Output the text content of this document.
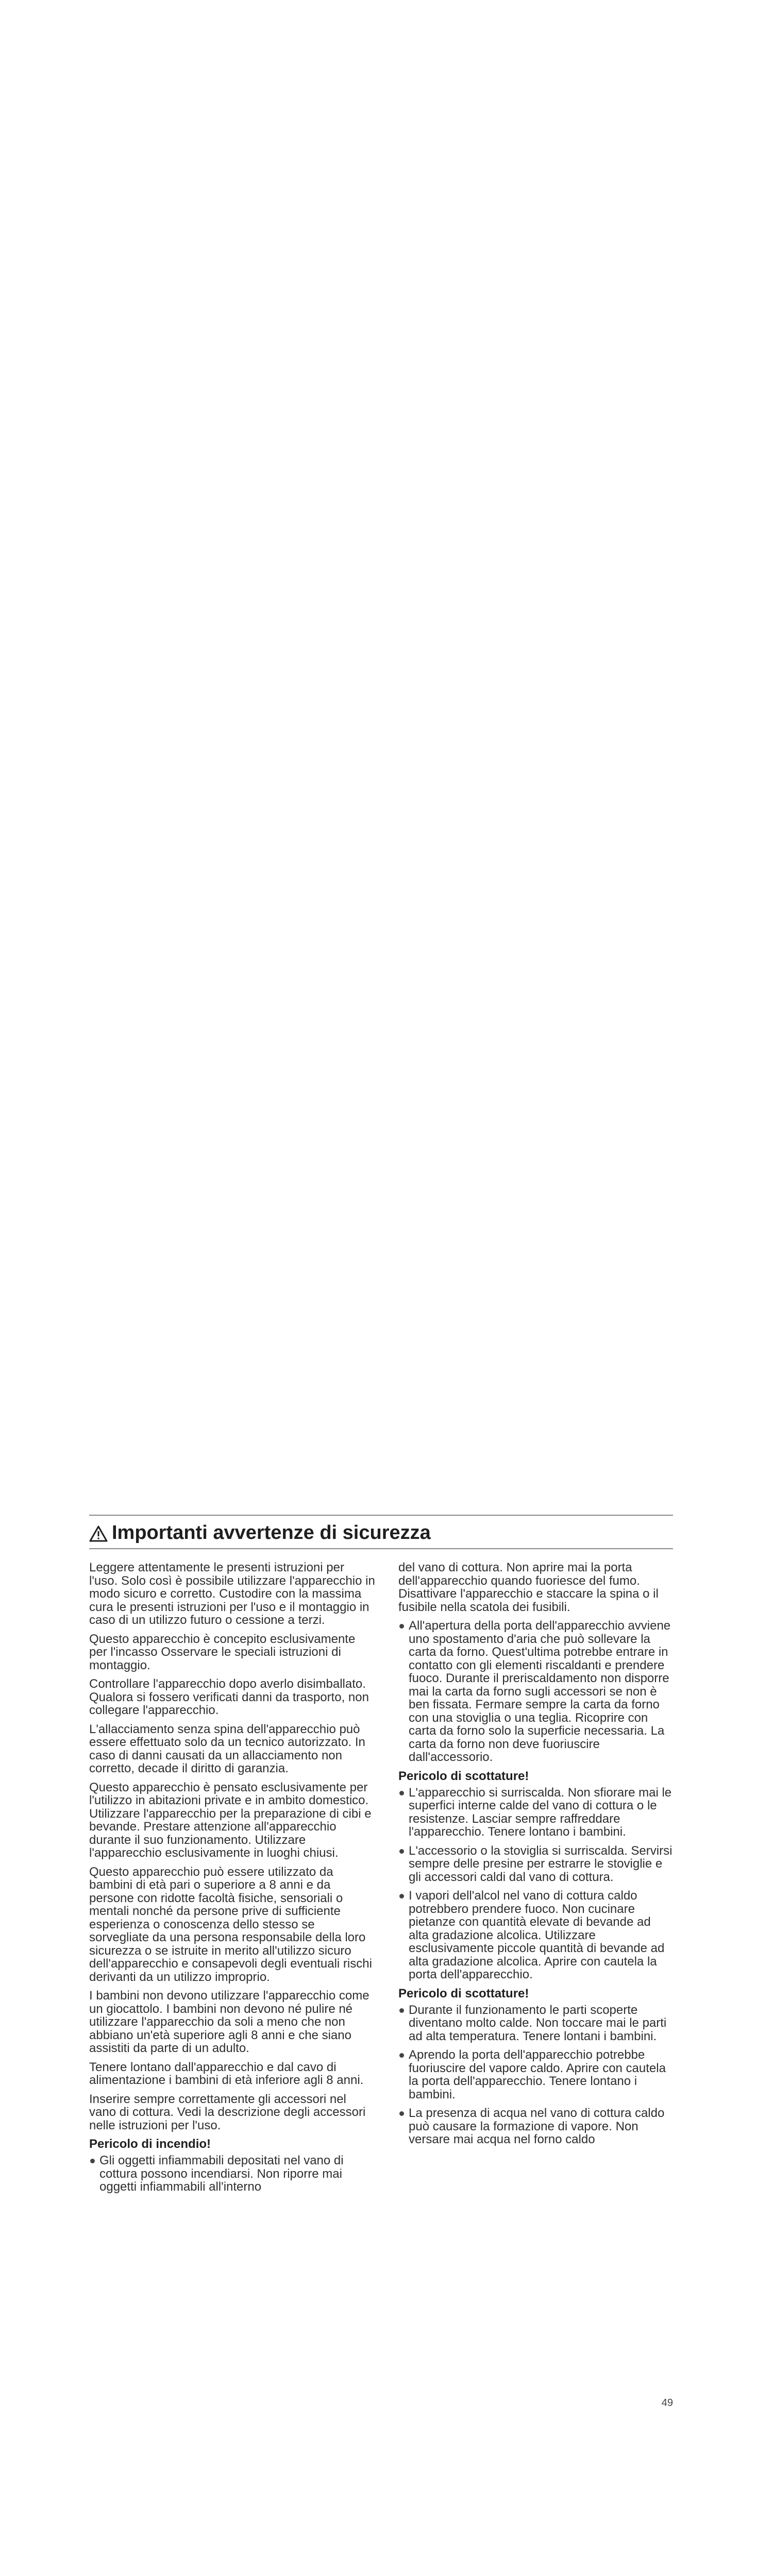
Importanti avvertenze di sicurezza

Leggere attentamente le presenti istruzioni per l'uso. Solo così è possibile utilizzare l'apparecchio in modo sicuro e corretto. Custodire con la massima cura le presenti istruzioni per l'uso e il montaggio in caso di un utilizzo futuro o cessione a terzi.

Questo apparecchio è concepito esclusivamente per l'incasso Osservare le speciali istruzioni di montaggio.

Controllare l'apparecchio dopo averlo disimballato. Qualora si fossero verificati danni da trasporto, non collegare l'apparecchio.

L'allacciamento senza spina dell'apparecchio può essere effettuato solo da un tecnico autorizzato. In caso di danni causati da un allacciamento non corretto, decade il diritto di garanzia.

Questo apparecchio è pensato esclusivamente per l'utilizzo in abitazioni private e in ambito domestico. Utilizzare l'apparecchio per la preparazione di cibi e bevande. Prestare attenzione all'apparecchio durante il suo funzionamento. Utilizzare l'apparecchio esclusivamente in luoghi chiusi.

Questo apparecchio può essere utilizzato da bambini di età pari o superiore a 8 anni e da persone con ridotte facoltà fisiche, sensoriali o mentali nonché da persone prive di sufficiente esperienza o conoscenza dello stesso se sorvegliate da una persona responsabile della loro sicurezza o se istruite in merito all'utilizzo sicuro dell'apparecchio e consapevoli degli eventuali rischi derivanti da un utilizzo improprio.

I bambini non devono utilizzare l'apparecchio come un giocattolo. I bambini non devono né pulire né utilizzare l'apparecchio da soli a meno che non abbiano un'età superiore agli 8 anni e che siano assistiti da parte di un adulto.

Tenere lontano dall'apparecchio e dal cavo di alimentazione i bambini di età inferiore agli 8 anni.

Inserire sempre correttamente gli accessori nel vano di cottura. Vedi la descrizione degli accessori nelle istruzioni per l'uso.

Pericolo di incendio!
Gli oggetti infiammabili depositati nel vano di cottura possono incendiarsi. Non riporre mai oggetti infiammabili all'interno

del vano di cottura. Non aprire mai la porta dell'apparecchio quando fuoriesce del fumo. Disattivare l'apparecchio e staccare la spina o il fusibile nella scatola dei fusibili.

All'apertura della porta dell'apparecchio avviene uno spostamento d'aria che può sollevare la carta da forno. Quest'ultima potrebbe entrare in contatto con gli elementi riscaldanti e prendere fuoco. Durante il preriscaldamento non disporre mai la carta da forno sugli accessori se non è ben fissata. Fermare sempre la carta da forno con una stoviglia o una teglia. Ricoprire con carta da forno solo la superficie necessaria. La carta da forno non deve fuoriuscire dall'accessorio.
Pericolo di scottature!
L'apparecchio si surriscalda. Non sfiorare mai le superfici interne calde del vano di cottura o le resistenze. Lasciar sempre raffreddare l'apparecchio. Tenere lontano i bambini.
L'accessorio o la stoviglia si surriscalda. Servirsi sempre delle presine per estrarre le stoviglie e gli accessori caldi dal vano di cottura.
I vapori dell'alcol nel vano di cottura caldo potrebbero prendere fuoco. Non cucinare pietanze con quantità elevate di bevande ad alta gradazione alcolica. Utilizzare esclusivamente piccole quantità di bevande ad alta gradazione alcolica. Aprire con cautela la porta dell'apparecchio.
Pericolo di scottature!
Durante il funzionamento le parti scoperte diventano molto calde. Non toccare mai le parti ad alta temperatura. Tenere lontani i bambini.
Aprendo la porta dell'apparecchio potrebbe fuoriuscire del vapore caldo. Aprire con cautela la porta dell'apparecchio. Tenere lontano i bambini.
La presenza di acqua nel vano di cottura caldo può causare la formazione di vapore. Non versare mai acqua nel forno caldo
49
